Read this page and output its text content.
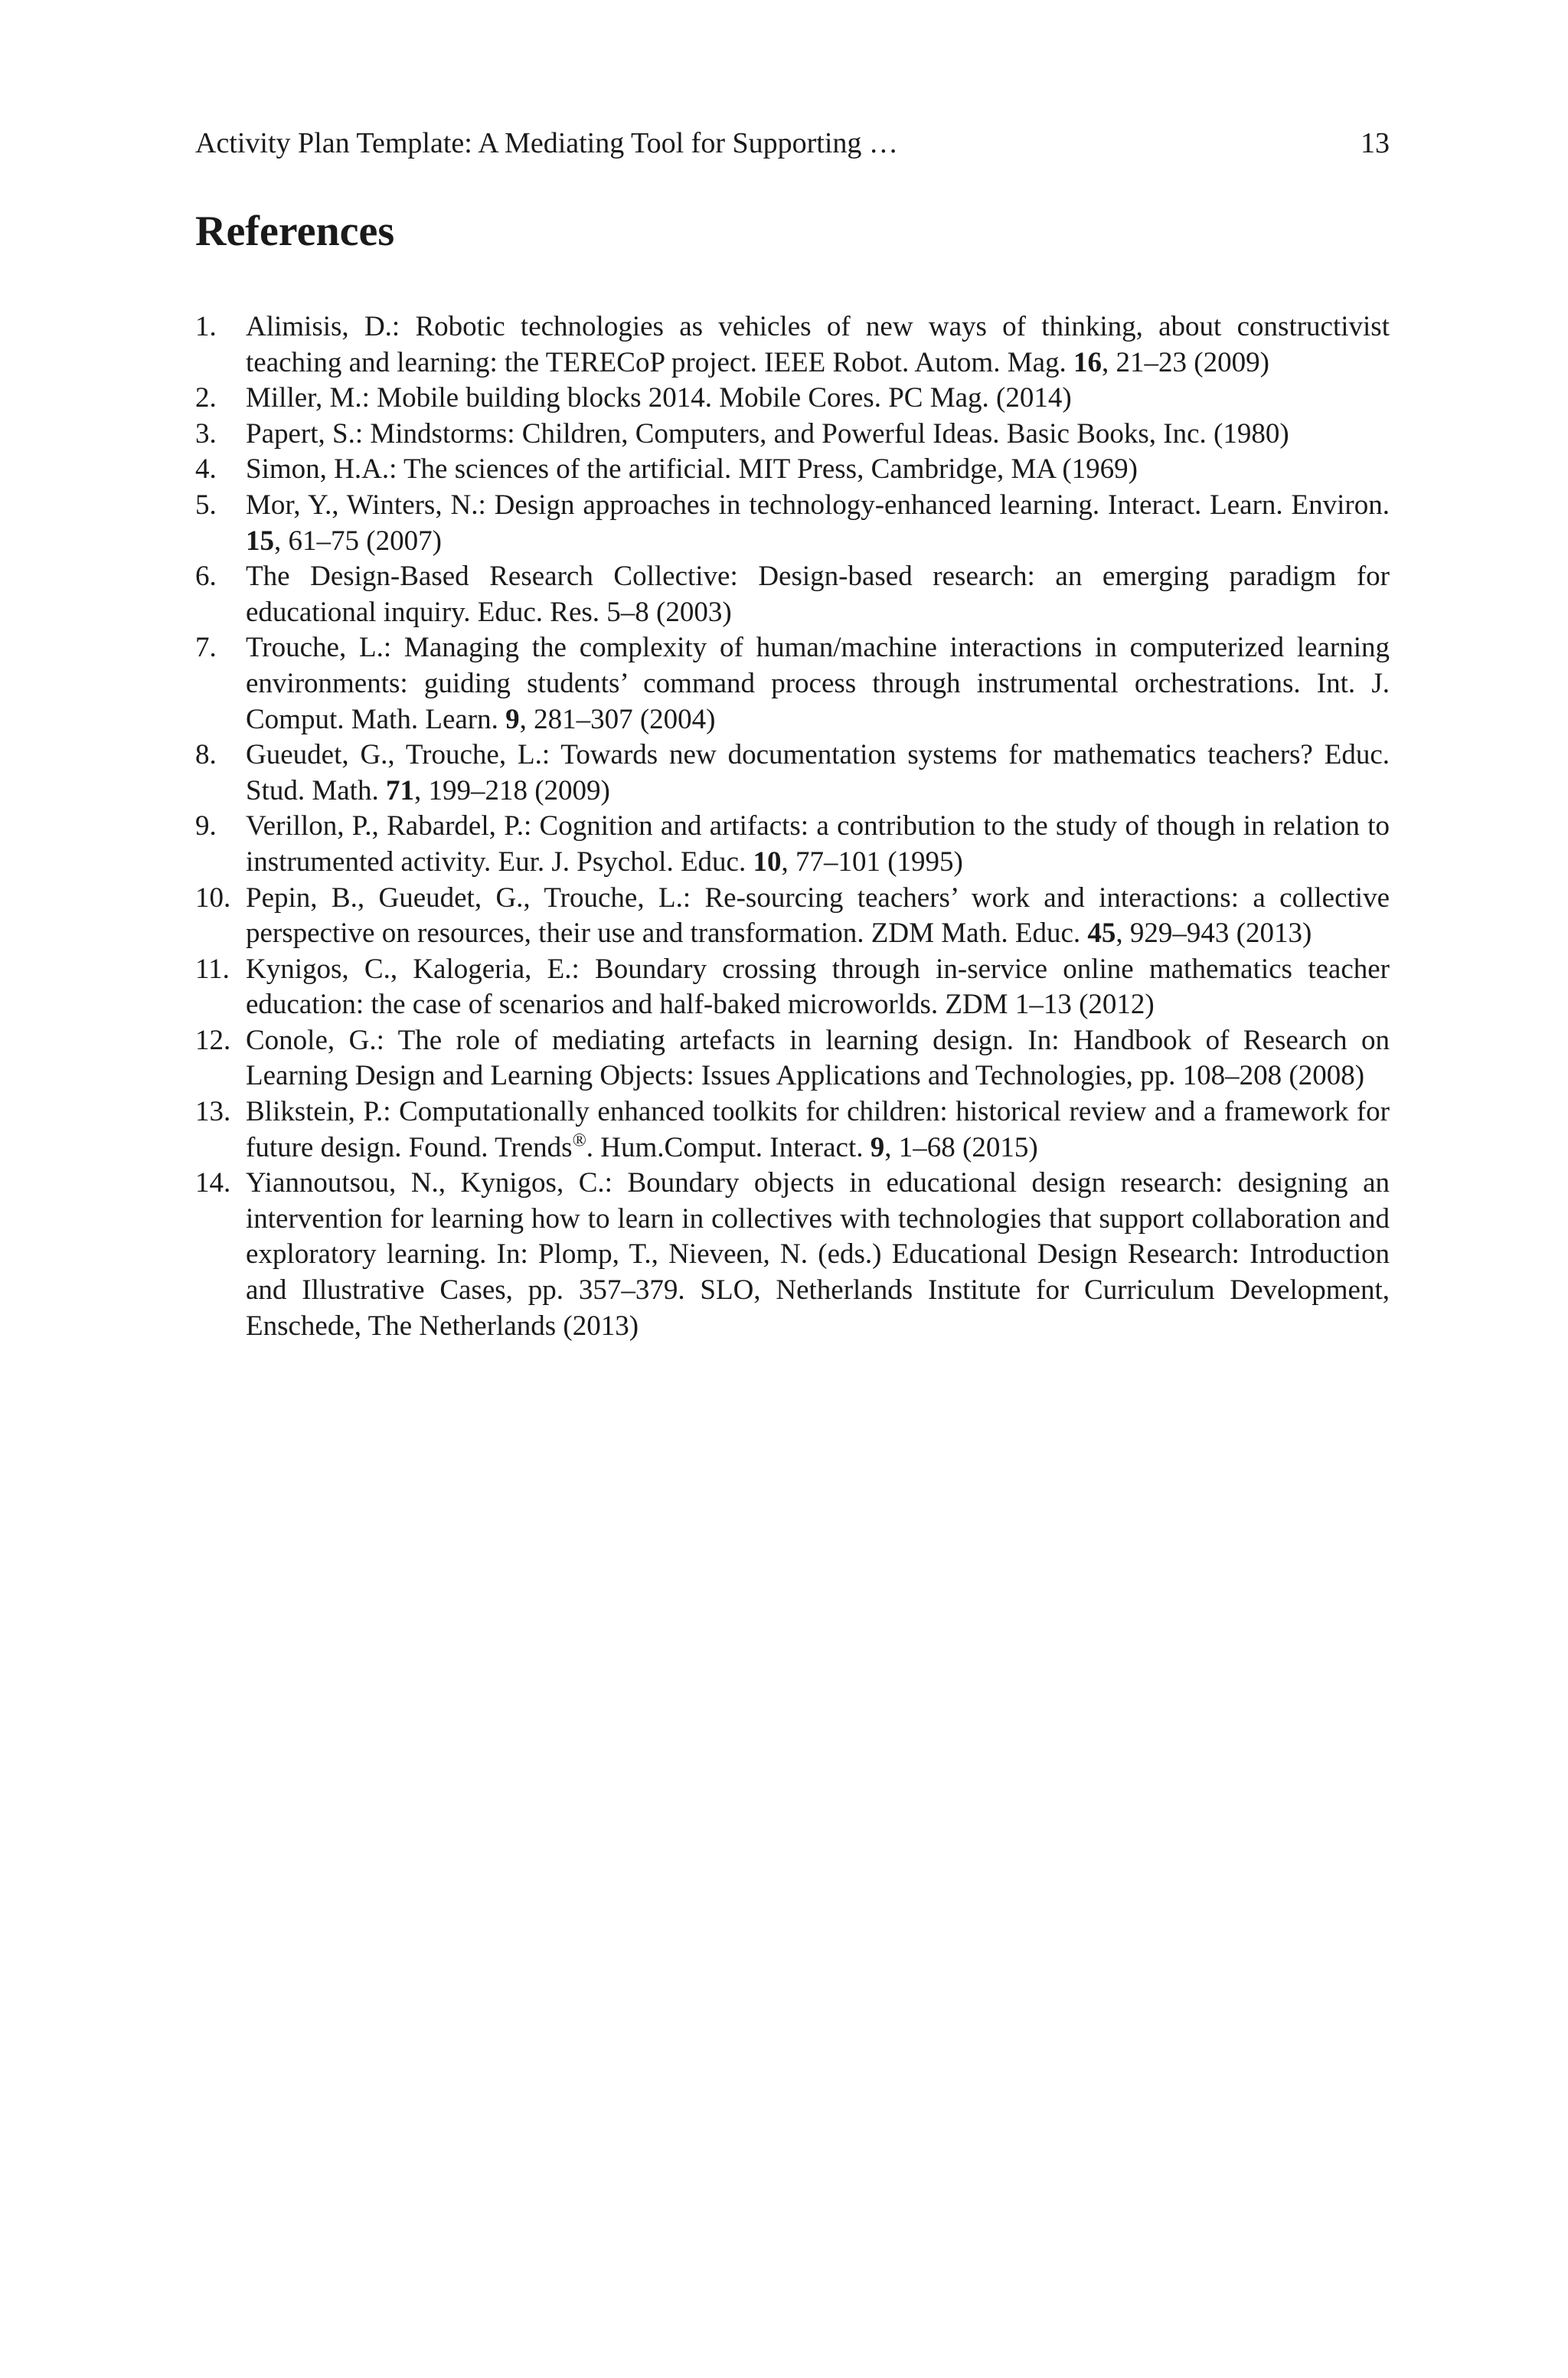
Activity Plan Template: A Mediating Tool for Supporting …	13
References
1.	Alimisis, D.: Robotic technologies as vehicles of new ways of thinking, about constructivist teaching and learning: the TERECoP project. IEEE Robot. Autom. Mag. 16, 21–23 (2009)
2.	Miller, M.: Mobile building blocks 2014. Mobile Cores. PC Mag. (2014)
3.	Papert, S.: Mindstorms: Children, Computers, and Powerful Ideas. Basic Books, Inc. (1980)
4.	Simon, H.A.: The sciences of the artificial. MIT Press, Cambridge, MA (1969)
5.	Mor, Y., Winters, N.: Design approaches in technology-enhanced learning. Interact. Learn. Environ. 15, 61–75 (2007)
6.	The Design-Based Research Collective: Design-based research: an emerging paradigm for educational inquiry. Educ. Res. 5–8 (2003)
7.	Trouche, L.: Managing the complexity of human/machine interactions in computerized learning environments: guiding students’ command process through instrumental orchestrations. Int. J. Comput. Math. Learn. 9, 281–307 (2004)
8.	Gueudet, G., Trouche, L.: Towards new documentation systems for mathematics teachers? Educ. Stud. Math. 71, 199–218 (2009)
9.	Verillon, P., Rabardel, P.: Cognition and artifacts: a contribution to the study of though in relation to instrumented activity. Eur. J. Psychol. Educ. 10, 77–101 (1995)
10. Pepin, B., Gueudet, G., Trouche, L.: Re-sourcing teachers’ work and interactions: a collective perspective on resources, their use and transformation. ZDM Math. Educ. 45, 929–943 (2013)
11. Kynigos, C., Kalogeria, E.: Boundary crossing through in-service online mathematics teacher education: the case of scenarios and half-baked microworlds. ZDM 1–13 (2012)
12. Conole, G.: The role of mediating artefacts in learning design. In: Handbook of Research on Learning Design and Learning Objects: Issues Applications and Technologies, pp. 108–208 (2008)
13. Blikstein, P.: Computationally enhanced toolkits for children: historical review and a framework for future design. Found. Trends®. Hum.Comput. Interact. 9, 1–68 (2015)
14. Yiannoutsou, N., Kynigos, C.: Boundary objects in educational design research: designing an intervention for learning how to learn in collectives with technologies that support collaboration and exploratory learning. In: Plomp, T., Nieveen, N. (eds.) Educational Design Research: Introduction and Illustrative Cases, pp. 357–379. SLO, Netherlands Institute for Curriculum Development, Enschede, The Netherlands (2013)
